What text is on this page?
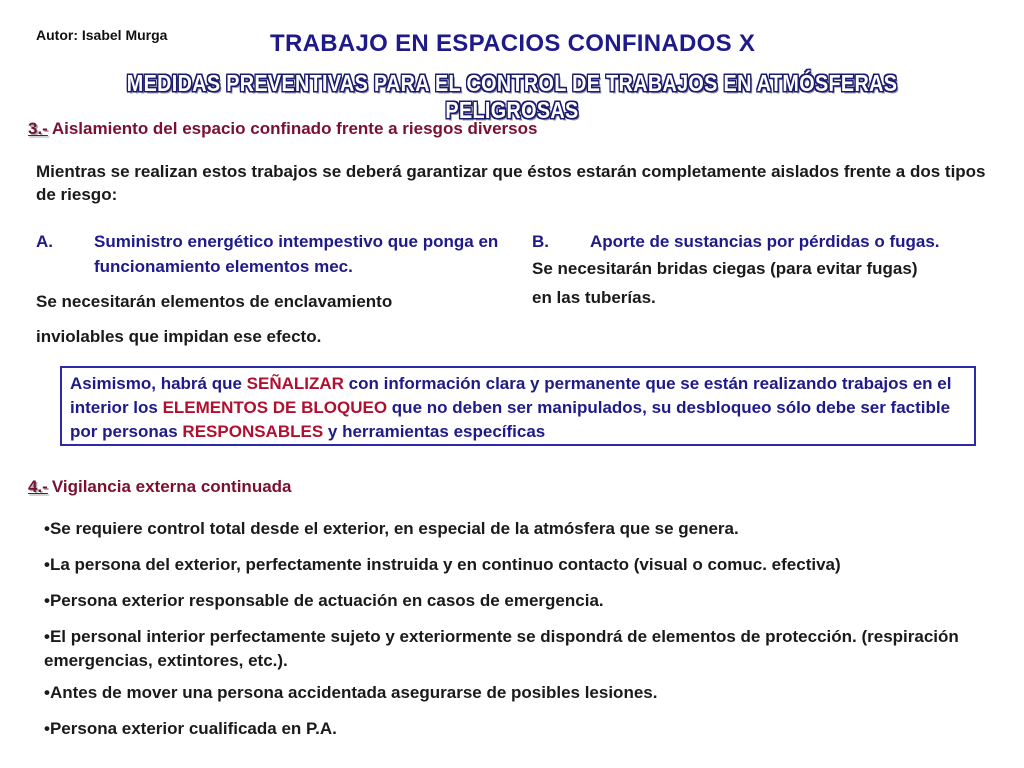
Autor: Isabel Murga	TRABAJO EN ESPACIOS CONFINADOS X
MEDIDAS PREVENTIVAS PARA EL CONTROL DE TRABAJOS EN ATMÓSFERAS PELIGROSAS
3.- Aislamiento del espacio confinado frente a riesgos diversos
Mientras se realizan estos trabajos se deberá garantizar que éstos estarán completamente aislados frente a dos tipos de riesgo:
A.	Suministro energético intempestivo que ponga en funcionamiento elementos mec.

Se necesitarán elementos de enclavamiento

inviolables que impidan ese efecto.

B.	Aporte de sustancias por pérdidas o fugas.

Se necesitarán bridas ciegas (para evitar fugas)

en las tuberías.

Asimismo, habrá que SEÑALIZAR con información clara y permanente que se están realizando trabajos en el interior los ELEMENTOS DE BLOQUEO que no deben ser manipulados, su desbloqueo sólo debe ser factible por personas RESPONSABLES y herramientas específicas
4.- Vigilancia externa continuada
•Se requiere control total desde el exterior, en especial de la atmósfera que se genera.
•La persona del exterior, perfectamente instruida y en continuo contacto (visual o comuc. efectiva)
•Persona exterior responsable de actuación en casos de emergencia.
•El personal interior perfectamente sujeto y exteriormente se dispondrá de elementos de protección. (respiración emergencias, extintores, etc.).
•Antes de mover una persona accidentada asegurarse de posibles lesiones.
•Persona exterior cualificada en P.A.
